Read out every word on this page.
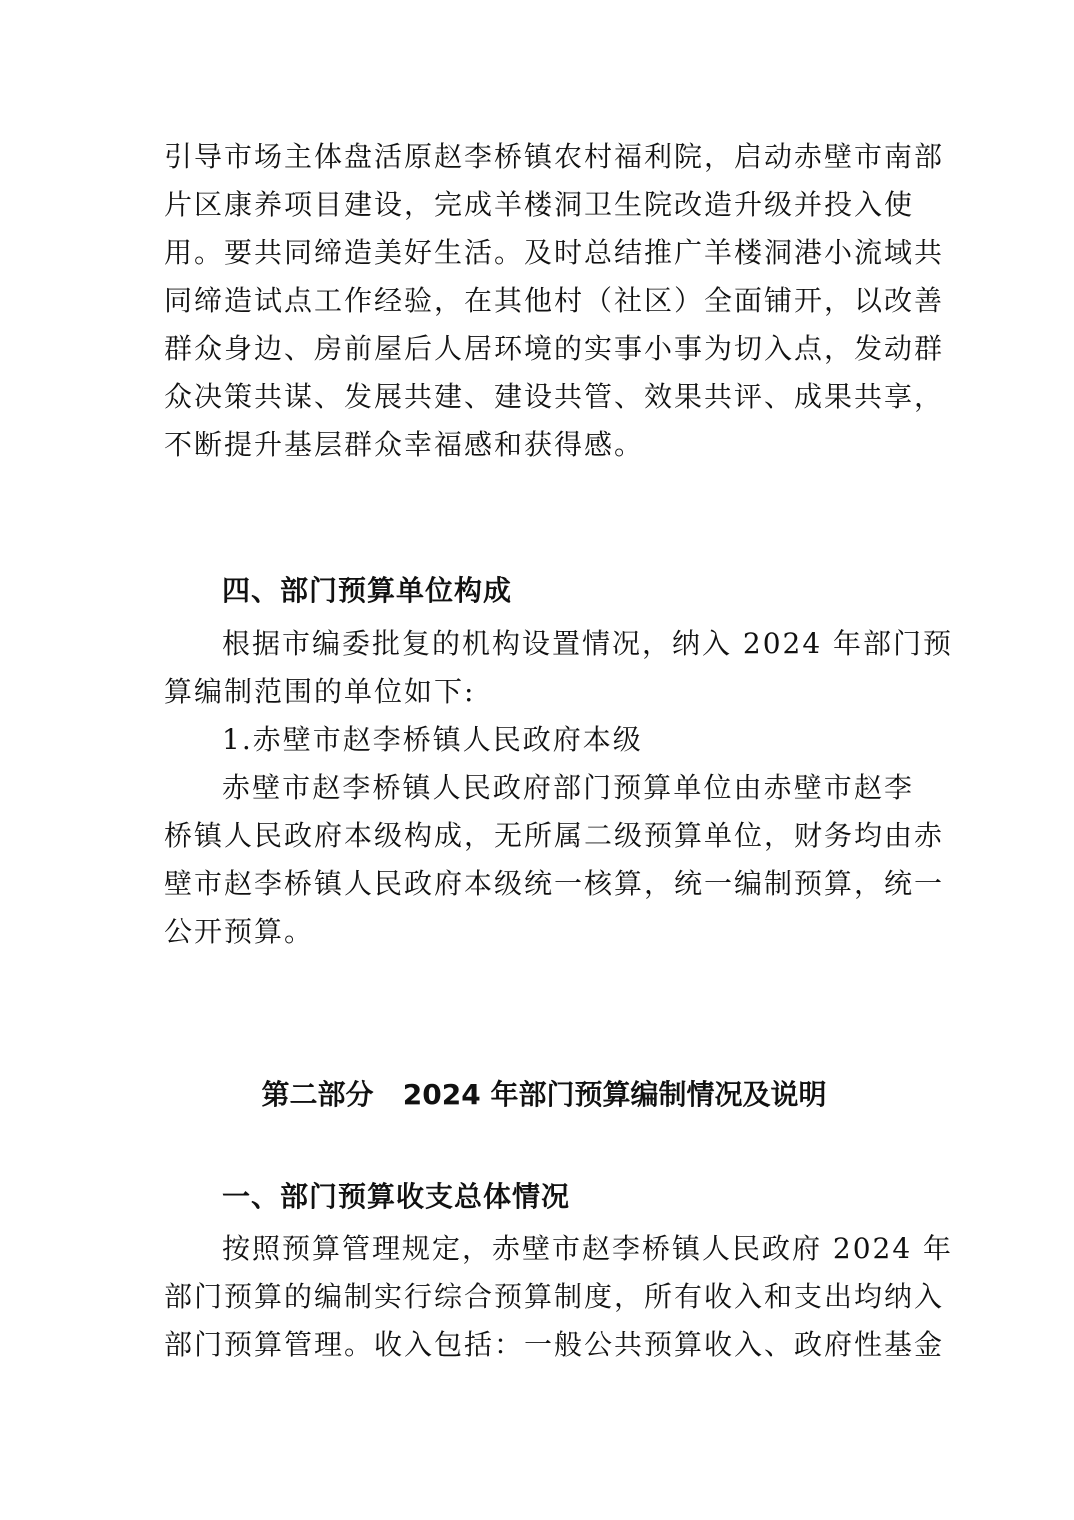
引导市场主体盘活原赵李桥镇农村福利院，启动赤壁市南部
片区康养项目建设，完成羊楼洞卫生院改造升级并投入使
用。要共同缔造美好生活。及时总结推广羊楼洞港小流域共
同缔造试点工作经验，在其他村（社区）全面铺开，以改善
群众身边、房前屋后人居环境的实事小事为切入点，发动群
众决策共谋、发展共建、建设共管、效果共评、成果共享，
不断提升基层群众幸福感和获得感。
四、部门预算单位构成
根据市编委批复的机构设置情况，纳入 2024 年部门预
算编制范围的单位如下:
1.赤壁市赵李桥镇人民政府本级
赤壁市赵李桥镇人民政府部门预算单位由赤壁市赵李
桥镇人民政府本级构成，无所属二级预算单位，财务均由赤
壁市赵李桥镇人民政府本级统一核算，统一编制预算，统一
公开预算。
第二部分   2024 年部门预算编制情况及说明
一、部门预算收支总体情况
按照预算管理规定，赤壁市赵李桥镇人民政府 2024 年
部门预算的编制实行综合预算制度，所有收入和支出均纳入
部门预算管理。收入包括：一般公共预算收入、政府性基金
